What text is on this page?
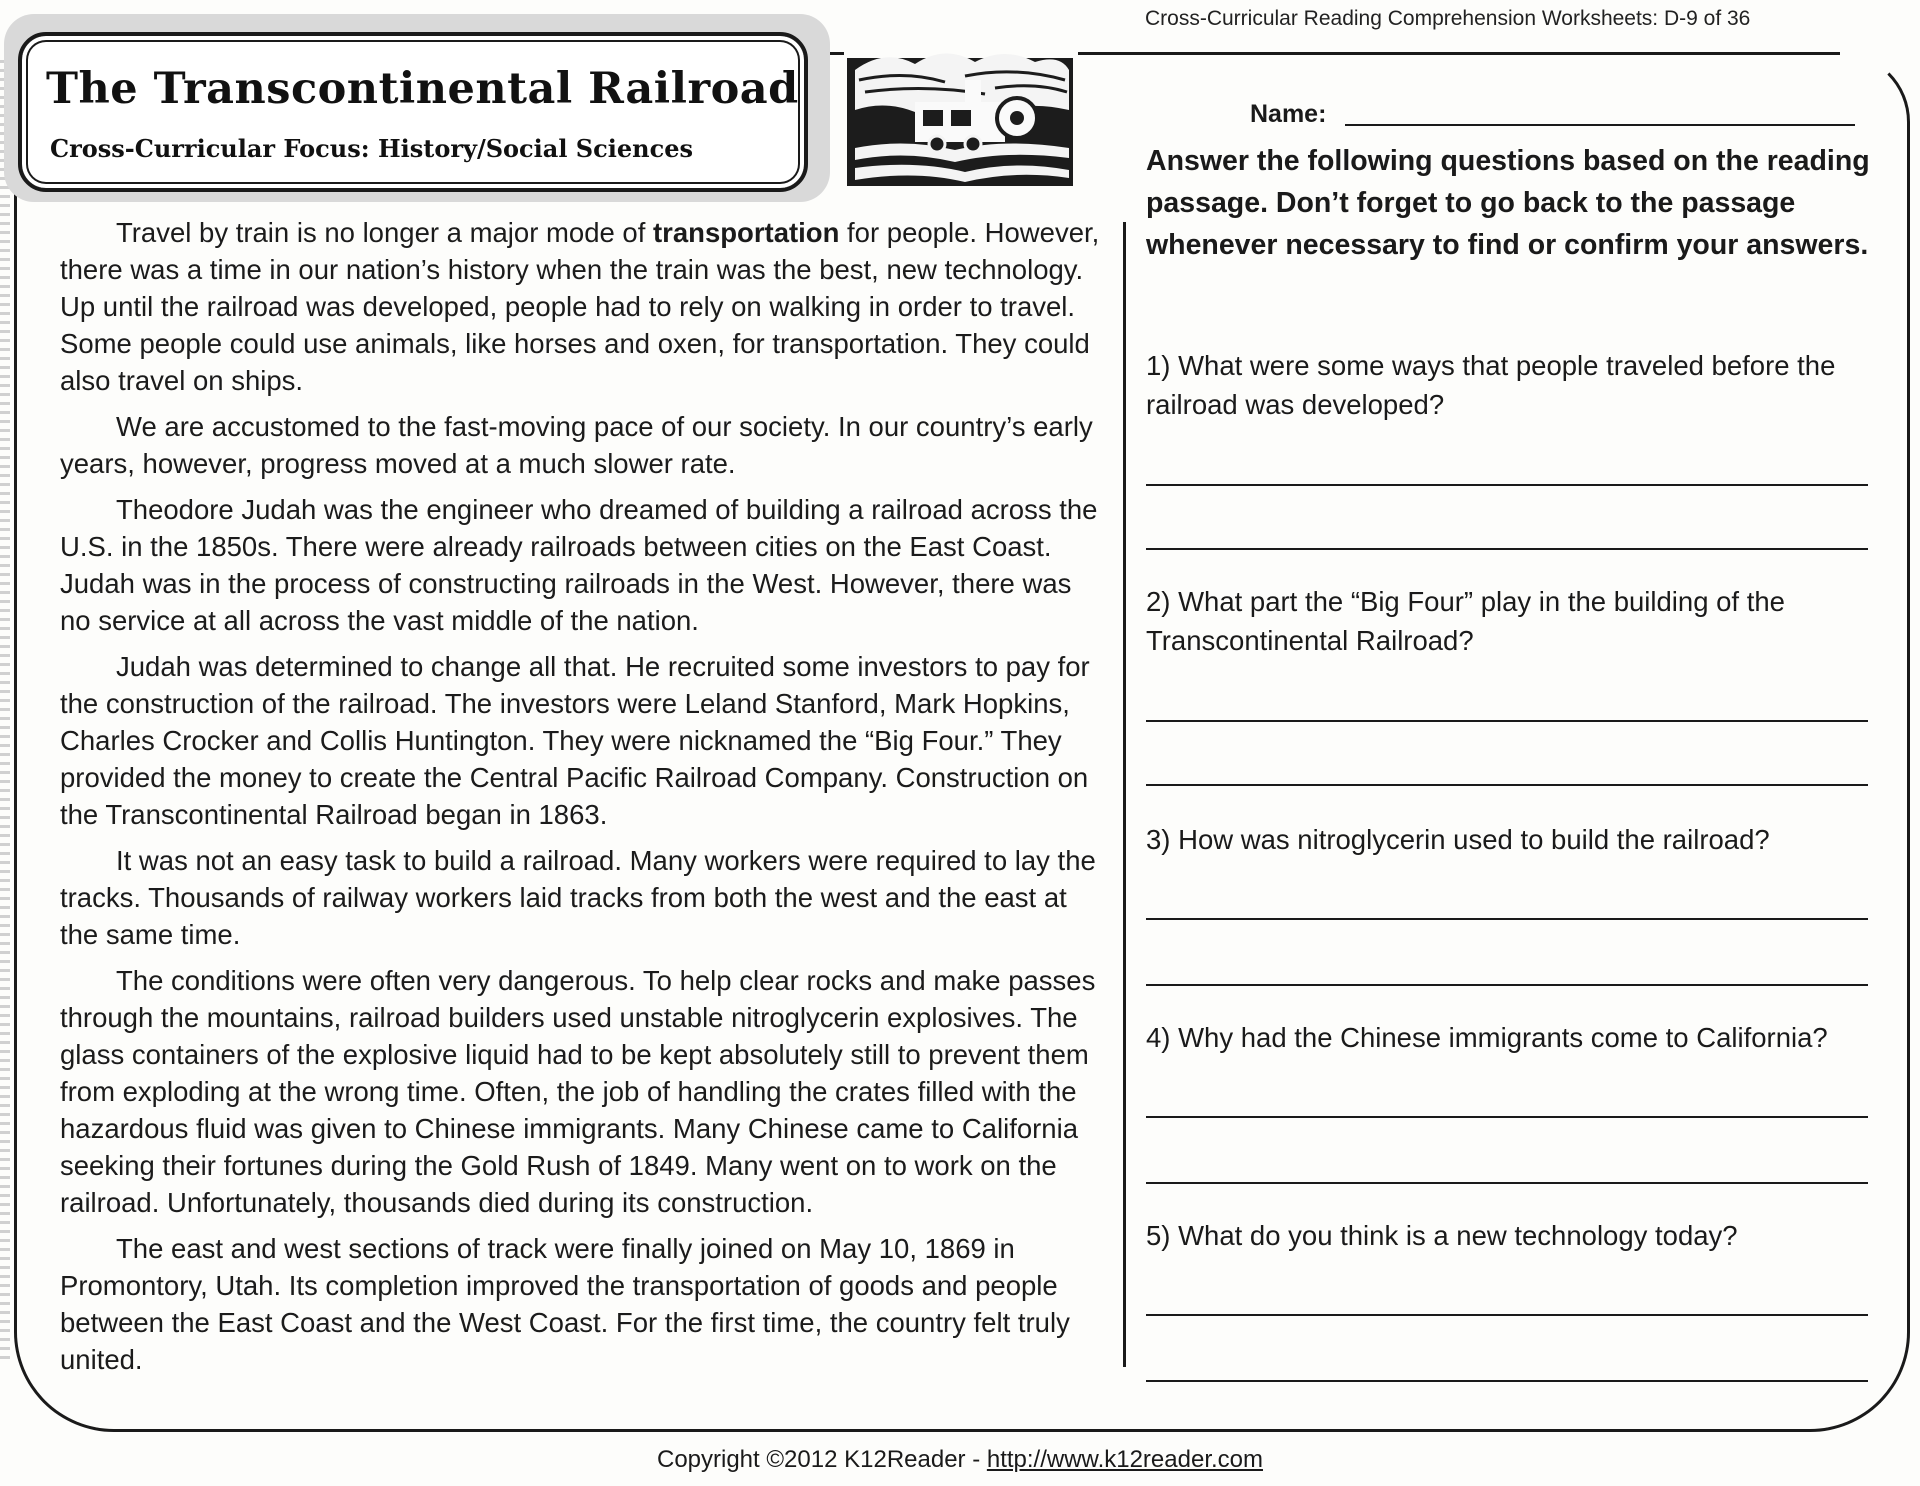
Cross-Curricular Reading Comprehension Worksheets: D-9 of 36
The Transcontinental Railroad
Cross-Curricular Focus: History/Social Sciences

Travel by train is no longer a major mode of transportation for people. However, there was a time in our nation’s history when the train was the best, new technology. Up until the railroad was developed, people had to rely on walking in order to travel. Some people could use animals, like horses and oxen, for transportation. They could also travel on ships.

We are accustomed to the fast-moving pace of our society. In our country’s early years, however, progress moved at a much slower rate.

Theodore Judah was the engineer who dreamed of building a railroad across the U.S. in the 1850s. There were already railroads between cities on the East Coast. Judah was in the process of constructing railroads in the West. However, there was no service at all across the vast middle of the nation.

Judah was determined to change all that. He recruited some investors to pay for the construction of the railroad. The investors were Leland Stanford, Mark Hopkins, Charles Crocker and Collis Huntington. They were nicknamed the “Big Four.” They provided the money to create the Central Pacific Railroad Company. Construction on the Transcontinental Railroad began in 1863.

It was not an easy task to build a railroad. Many workers were required to lay the tracks. Thousands of railway workers laid tracks from both the west and the east at the same time.

The conditions were often very dangerous. To help clear rocks and make passes through the mountains, railroad builders used unstable nitroglycerin explosives. The glass containers of the explosive liquid had to be kept absolutely still to prevent them from exploding at the wrong time. Often, the job of handling the crates filled with the hazardous fluid was given to Chinese immigrants. Many Chinese came to California seeking their fortunes during the Gold Rush of 1849. Many went on to work on the railroad. Unfortunately, thousands died during its construction.

The east and west sections of track were finally joined on May 10, 1869 in Promontory, Utah. Its completion improved the transportation of goods and people between the East Coast and the West Coast. For the first time, the country felt truly united.

Name:
Answer the following questions based on the reading passage. Don’t forget to go back to the passage whenever necessary to find or confirm your answers.
1) What were some ways that people traveled before the railroad was developed?
2) What part the “Big Four” play in the building of the Transcontinental Railroad?
3) How was nitroglycerin used to build the railroad?
4) Why had the Chinese immigrants come to California?
5) What do you think is a new technology today?
Copyright ©2012 K12Reader - http://www.k12reader.com
